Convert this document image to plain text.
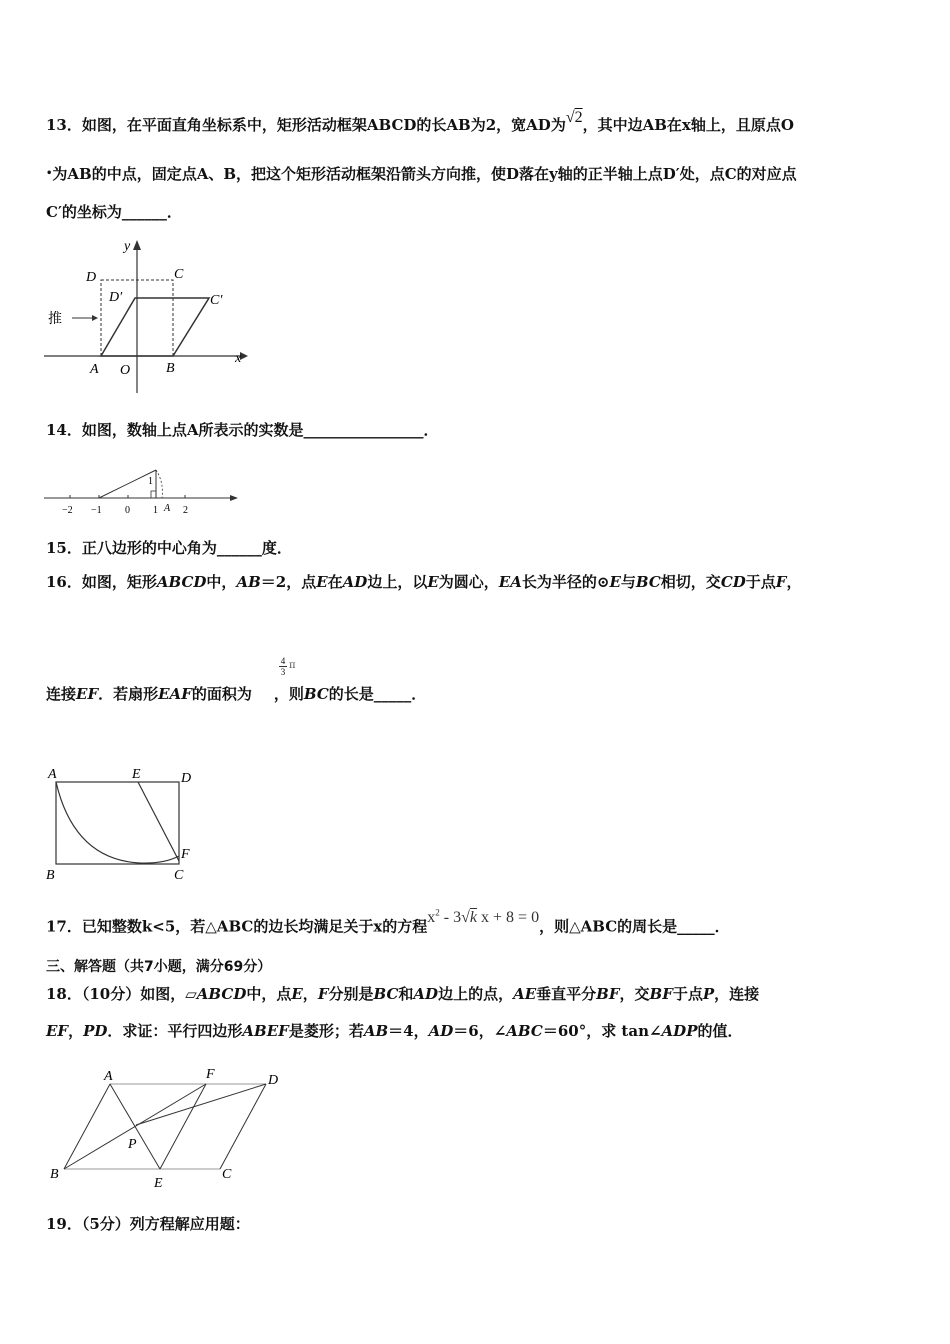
13．如图，在平面直角坐标系中，矩形活动框架ABCD的长AB为2，宽AD为√2，其中边AB在x轴上，且原点O
•为AB的中点，固定点A、B，把这个矩形活动框架沿箭头方向推，使D落在y轴的正半轴上点D′处，点C的对应点
C′的坐标为______．
y
x
D	C
D′	C′
推
A O	B
14．如图，数轴上点A所表示的实数是________________．
1
−2 −1 0 1 A 2
15．正八边形的中心角为______度．
16．如图，矩形ABCD中，AB＝2，点E在AD边上，以E为圆心，EA长为半径的⊙E与BC相切，交CD于点F，
4
3
π
连接EF．若扇形EAF的面积为 ，则BC的长是_____．
A	E	D
F
B	C
17．已知整数k<5，若△ABC的边长均满足关于x的方程$x^2 - 3√k$ x + 8 = 0，则△ABC的周长是_____．
三、解答题（共7小题，满分69分）
18．（10分）如图，▱ABCD中，点E，F分别是BC和AD边上的点，AE垂直平分BF，交BF于点P，连接
EF，PD．求证：平行四边形ABEF是菱形；若AB＝4，AD＝6，∠ABC＝60°，求 tan∠ADP的值．
A	F	D
P
B
E
C
19．（5分）列方程解应用题：
